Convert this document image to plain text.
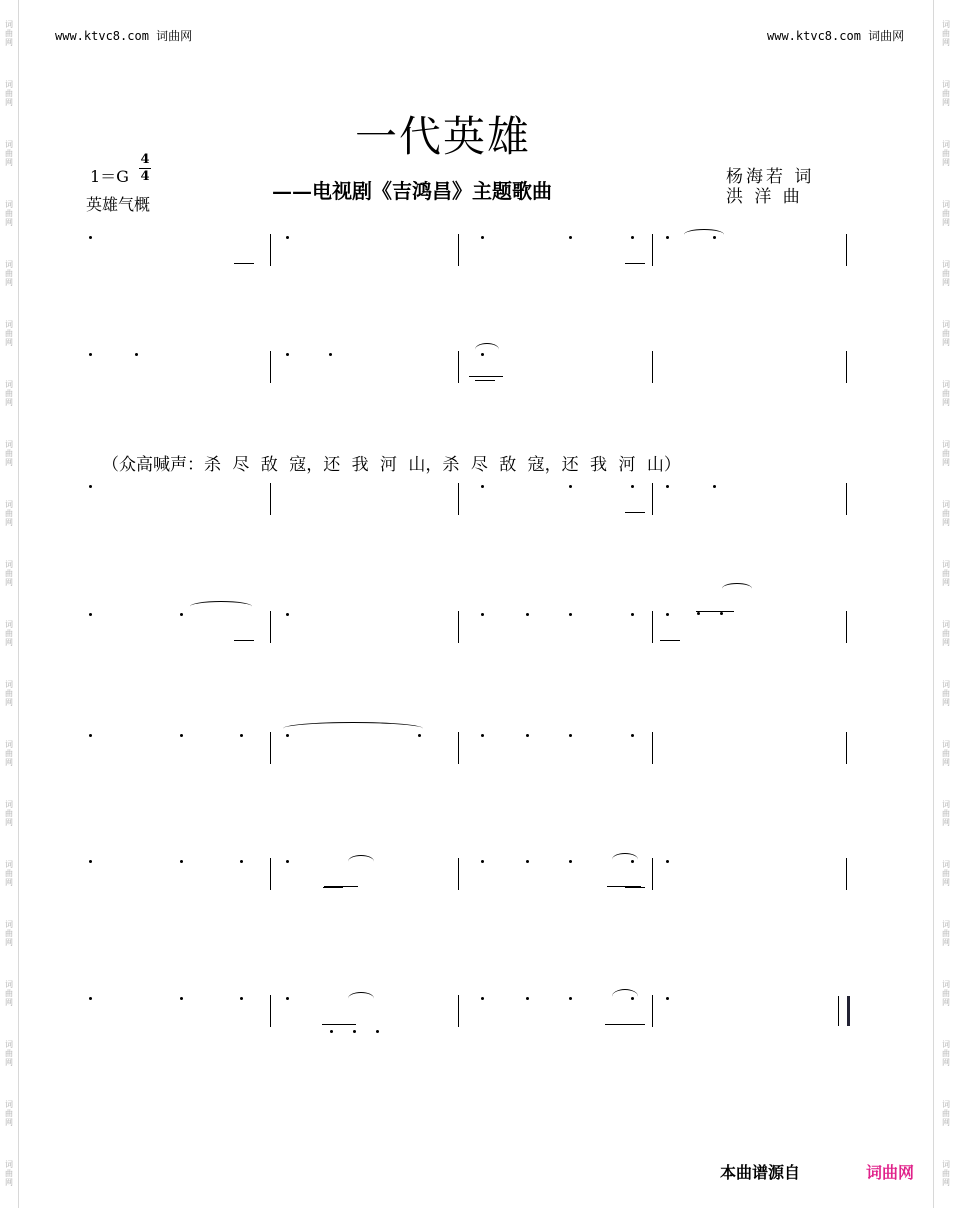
词
曲
网
词
曲
网
词
曲
网
词
曲
网
词
曲
网
词
曲
网
词
曲
网
词
曲
网
词
曲
网
词
曲
网
词
曲
网
词
曲
网
词
曲
网
词
曲
网
词
曲
网
词
曲
网
词
曲
网
词
曲
网
词
曲
网
词
曲
网
词
曲
网
词
曲
网
词
曲
网
词
曲
网
词
曲
网
词
曲
网
词
曲
网
词
曲
网
词
曲
网
词
曲
网
词
曲
网
词
曲
网
词
曲
网
词
曲
网
词
曲
网
词
曲
网
词
曲
网
词
曲
网
词
曲
网
词
曲
网
www.ktvc8.com 词曲网	www.ktvc8.com 词曲网
一代英雄
——电视剧《吉鸿昌》主题歌曲
1＝G
4
4
英雄气概
杨海若 词
洪 洋 曲
（众高喊声：杀 尽 敌 寇，还 我 河 山，杀 尽 敌 寇，还 我 河 山）
本曲谱源自	词曲网
